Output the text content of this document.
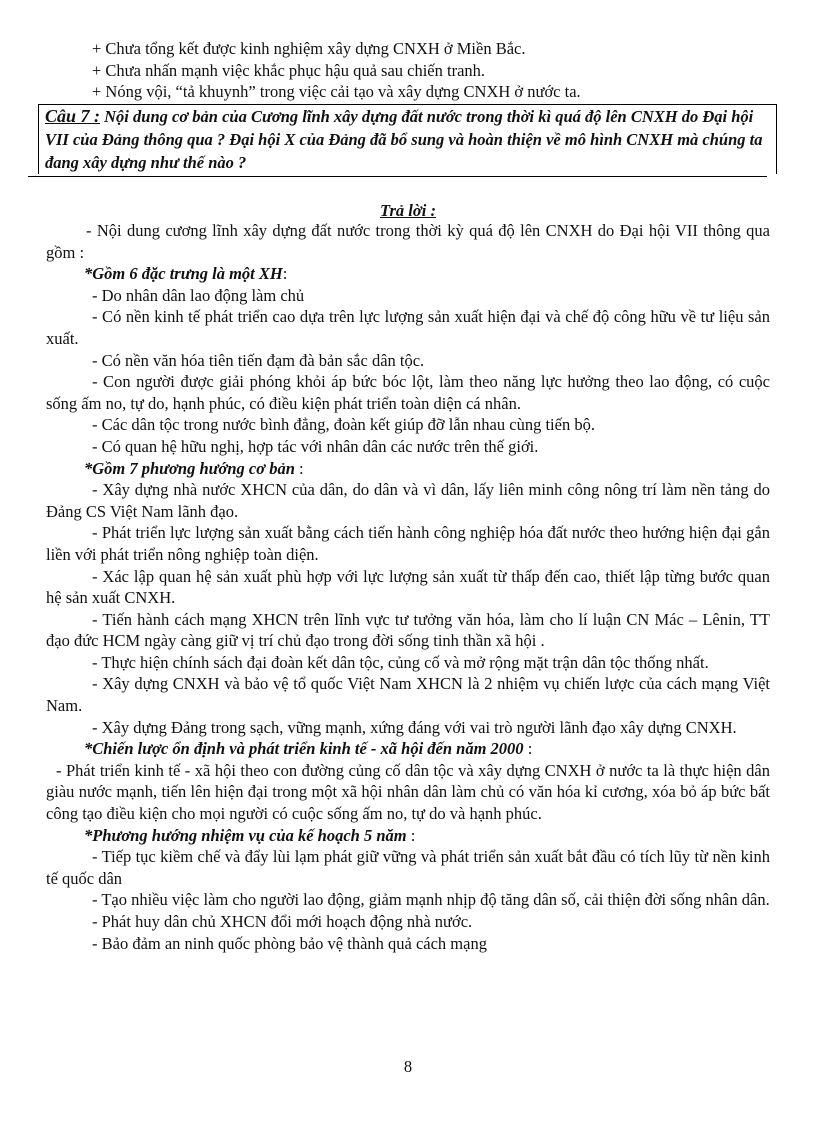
+ Chưa tổng kết được kinh nghiệm xây dựng CNXH ở Miền Bắc.

+ Chưa nhấn mạnh việc khắc phục hậu quả sau chiến tranh.

+ Nóng vội, “tả khuynh” trong việc cải tạo và xây dựng CNXH ở nước ta.

Câu 7 : Nội dung cơ bản của Cương lĩnh xây dựng đất nước trong thời kì quá độ lên CNXH do Đại hội VII của Đảng thông qua ? Đại hội X của Đảng đã bổ sung và hoàn thiện về mô hình CNXH mà chúng ta đang xây dựng như thế nào ?

Trả lời :

- Nội dung cương lĩnh xây dựng đất nước trong thời kỳ quá độ lên CNXH do Đại hội VII thông qua gồm :

*Gồm 6 đặc trưng là một XH:

- Do nhân dân lao động làm chủ

- Có nền kinh tế phát triển cao dựa trên lực lượng sản xuất hiện đại và chế độ công hữu về tư liệu sản xuất.

- Có nền văn hóa tiên tiến đạm đà bản sắc dân tộc.

- Con người được giải phóng khỏi áp bức bóc lột, làm theo năng lực hưởng theo lao động, có cuộc sống ấm no, tự do, hạnh phúc, có điều kiện phát triển toàn diện cá nhân.

- Các dân tộc trong nước bình đẳng, đoàn kết giúp đỡ lẫn nhau cùng tiến bộ.

- Có quan hệ hữu nghị, hợp tác với nhân dân các nước trên thế giới.

*Gồm 7 phương hướng cơ bản :

- Xây dựng nhà nước XHCN của dân, do dân và vì dân, lấy liên minh công nông trí làm nền tảng do Đảng CS Việt Nam lãnh đạo.

- Phát triển lực lượng sản xuất bằng cách tiến hành công nghiệp hóa đất nước theo hướng hiện đại gắn liền với phát triển nông nghiệp toàn diện.

- Xác lập quan hệ sản xuất phù hợp với lực lượng sản xuất từ thấp đến cao, thiết lập từng bước quan hệ sản xuất CNXH.

- Tiến hành cách mạng XHCN trên lĩnh vực tư tưởng văn hóa, làm cho lí luận CN Mác – Lênin, TT đạo đức HCM ngày càng giữ vị trí chủ đạo trong đời sống tinh thần xã hội .

- Thực hiện chính sách đại đoàn kết dân tộc, củng cố và mở rộng mặt trận dân tộc thống nhất.

- Xây dựng CNXH và bảo vệ tổ quốc Việt Nam XHCN là 2 nhiệm vụ chiến lược của cách mạng Việt Nam.

- Xây dựng Đảng trong sạch, vững mạnh, xứng đáng với vai trò người lãnh đạo xây dựng CNXH.

*Chiến lược ổn định và phát triển kinh tế - xã hội đến năm 2000 :

- Phát triển kinh tế - xã hội theo con đường củng cố dân tộc và xây dựng CNXH ở nước ta là thực hiện dân giàu nước mạnh, tiến lên hiện đại trong một xã hội nhân dân làm chủ có văn hóa kỉ cương, xóa bỏ áp bức bất công tạo điều kiện cho mọi người có cuộc sống ấm no, tự do và hạnh phúc.

*Phương hướng nhiệm vụ của kế hoạch 5 năm :

- Tiếp tục kiềm chế và đẩy lùi lạm phát giữ vững và phát triển sản xuất bắt đầu có tích lũy từ nền kinh tế quốc dân

- Tạo nhiều việc làm cho người lao động, giảm mạnh nhịp độ tăng dân số, cải thiện đời sống nhân dân.

- Phát huy dân chủ XHCN đổi mới hoạch động nhà nước.

- Bảo đảm an ninh quốc phòng bảo vệ thành quả cách mạng

8
